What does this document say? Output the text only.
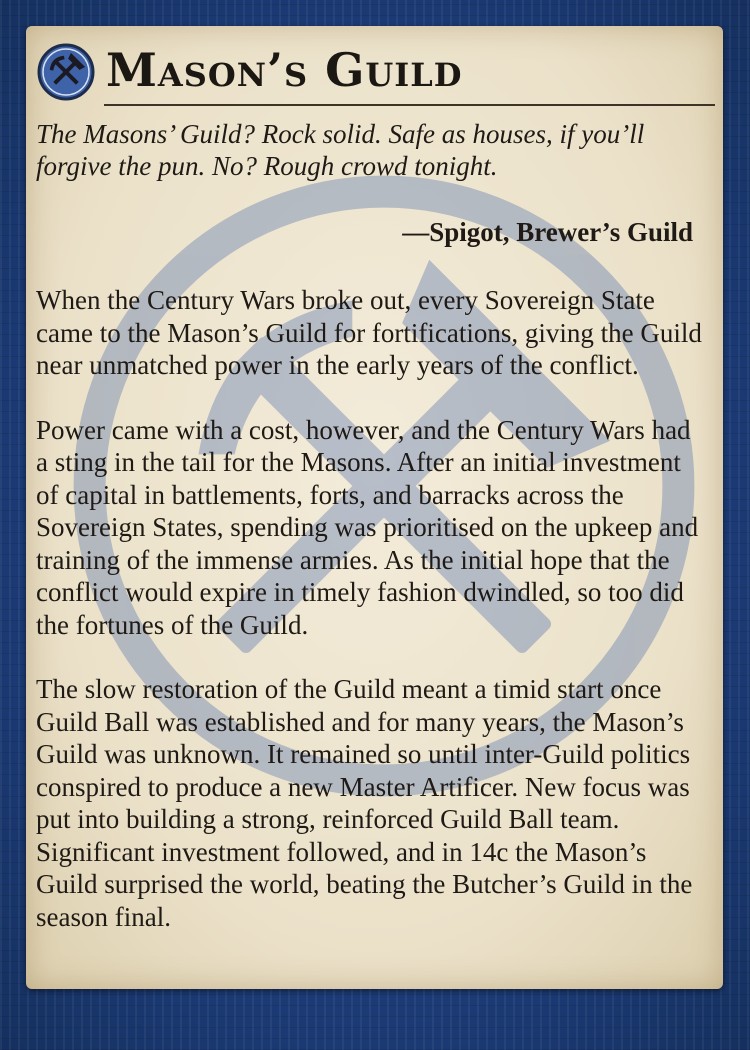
Mason’s Guild

The Masons’ Guild? Rock solid. Safe as houses, if you’ll forgive the pun. No? Rough crowd tonight.

—Spigot, Brewer’s Guild

When the Century Wars broke out, every Sovereign State came to the Mason’s Guild for fortifications, giving the Guild near unmatched power in the early years of the conflict.

Power came with a cost, however, and the Century Wars had a sting in the tail for the Masons. After an initial investment of capital in battlements, forts, and barracks across the Sovereign States, spending was prioritised on the upkeep and training of the immense armies. As the initial hope that the conflict would expire in timely fashion dwindled, so too did the fortunes of the Guild.

The slow restoration of the Guild meant a timid start once Guild Ball was established and for many years, the Mason’s Guild was unknown. It remained so until inter-Guild politics conspired to produce a new Master Artificer. New focus was put into building a strong, reinforced Guild Ball team. Significant investment followed, and in 14c the Mason’s Guild surprised the world, beating the Butcher’s Guild in the season final.
